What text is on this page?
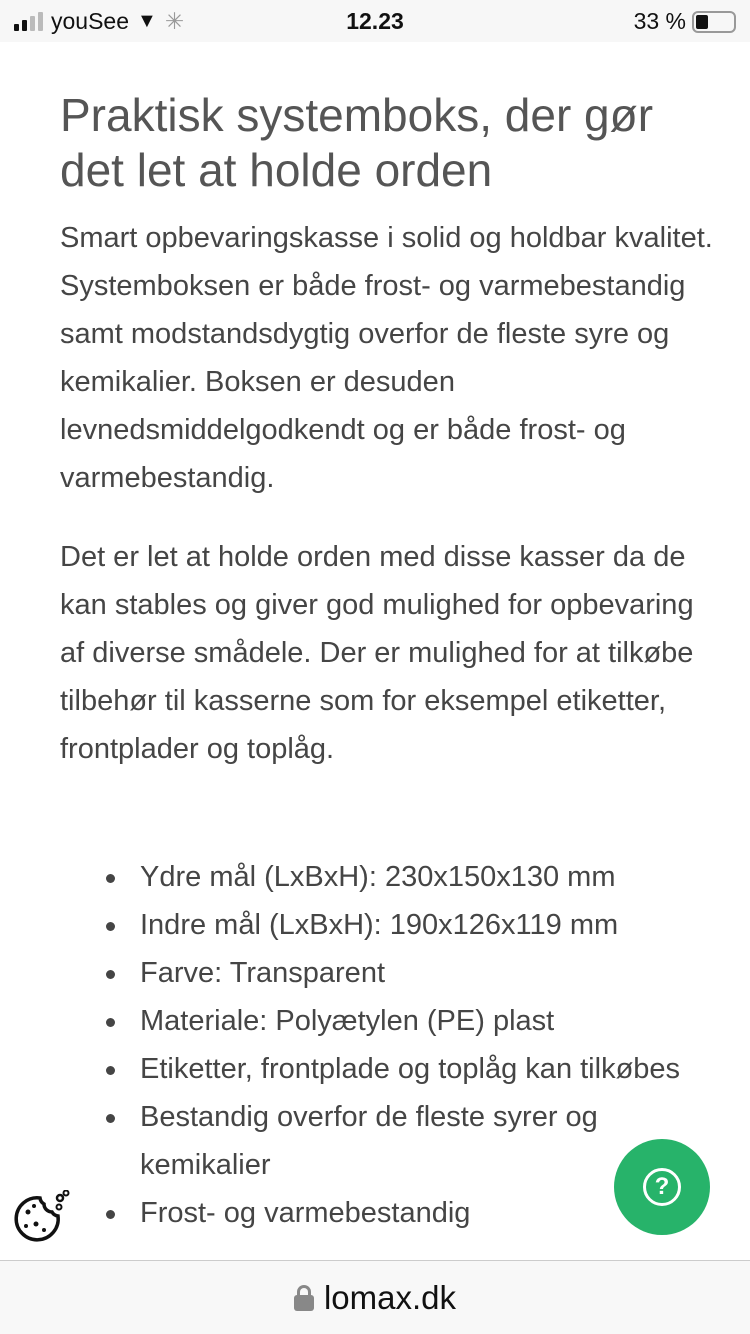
youSee ▼ ✳	12.23	33 %
Praktisk systemboks, der gør det let at holde orden

Smart opbevaringskasse i solid og holdbar kvalitet. Systemboksen er både frost- og varmebestandig samt modstandsdygtig overfor de fleste syre og kemikalier. Boksen er desuden levnedsmiddelgodkendt og er både frost- og varmebestandig.

Det er let at holde orden med disse kasser da de kan stables og giver god mulighed for opbevaring af diverse smådele. Der er mulighed for at tilkøbe tilbehør til kasserne som for eksempel etiketter, frontplader og toplåg.

Ydre mål (LxBxH): 230x150x130 mm
Indre mål (LxBxH): 190x126x119 mm
Farve: Transparent
Materiale: Polyætylen (PE) plast
Etiketter, frontplade og toplåg kan tilkøbes
Bestandig overfor de fleste syrer og kemikalier
Frost- og varmebestandig
?
lomax.dk
